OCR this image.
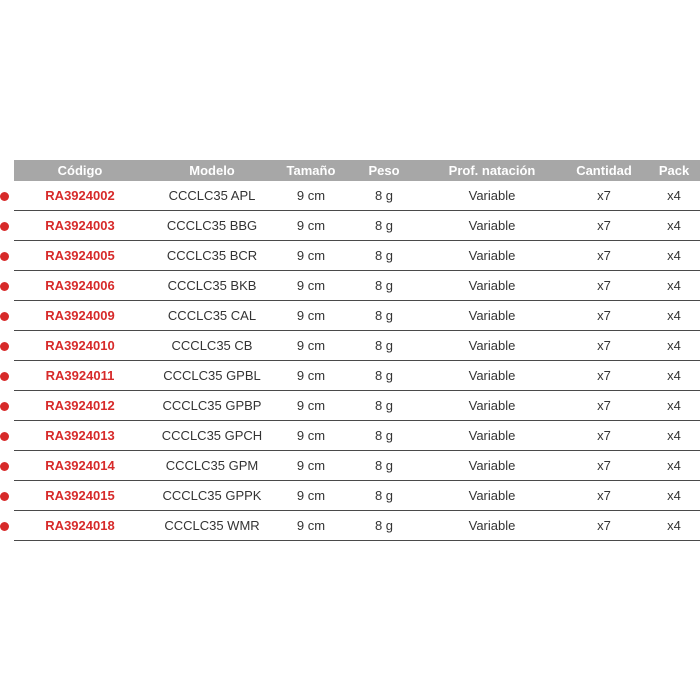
Código	Modelo	Tamaño	Peso	Prof. natación	Cantidad	Pack

RA3924002	CCCLC35 APL	9 cm	8 g	Variable	x7	x4

RA3924003	CCCLC35 BBG	9 cm	8 g	Variable	x7	x4

RA3924005	CCCLC35 BCR	9 cm	8 g	Variable	x7	x4

RA3924006	CCCLC35 BKB	9 cm	8 g	Variable	x7	x4

RA3924009	CCCLC35 CAL	9 cm	8 g	Variable	x7	x4

RA3924010	CCCLC35 CB	9 cm	8 g	Variable	x7	x4

RA3924011	CCCLC35 GPBL	9 cm	8 g	Variable	x7	x4

RA3924012	CCCLC35 GPBP	9 cm	8 g	Variable	x7	x4

RA3924013	CCCLC35 GPCH	9 cm	8 g	Variable	x7	x4

RA3924014	CCCLC35 GPM	9 cm	8 g	Variable	x7	x4

RA3924015	CCCLC35 GPPK	9 cm	8 g	Variable	x7	x4

RA3924018	CCCLC35 WMR	9 cm	8 g	Variable	x7	x4
